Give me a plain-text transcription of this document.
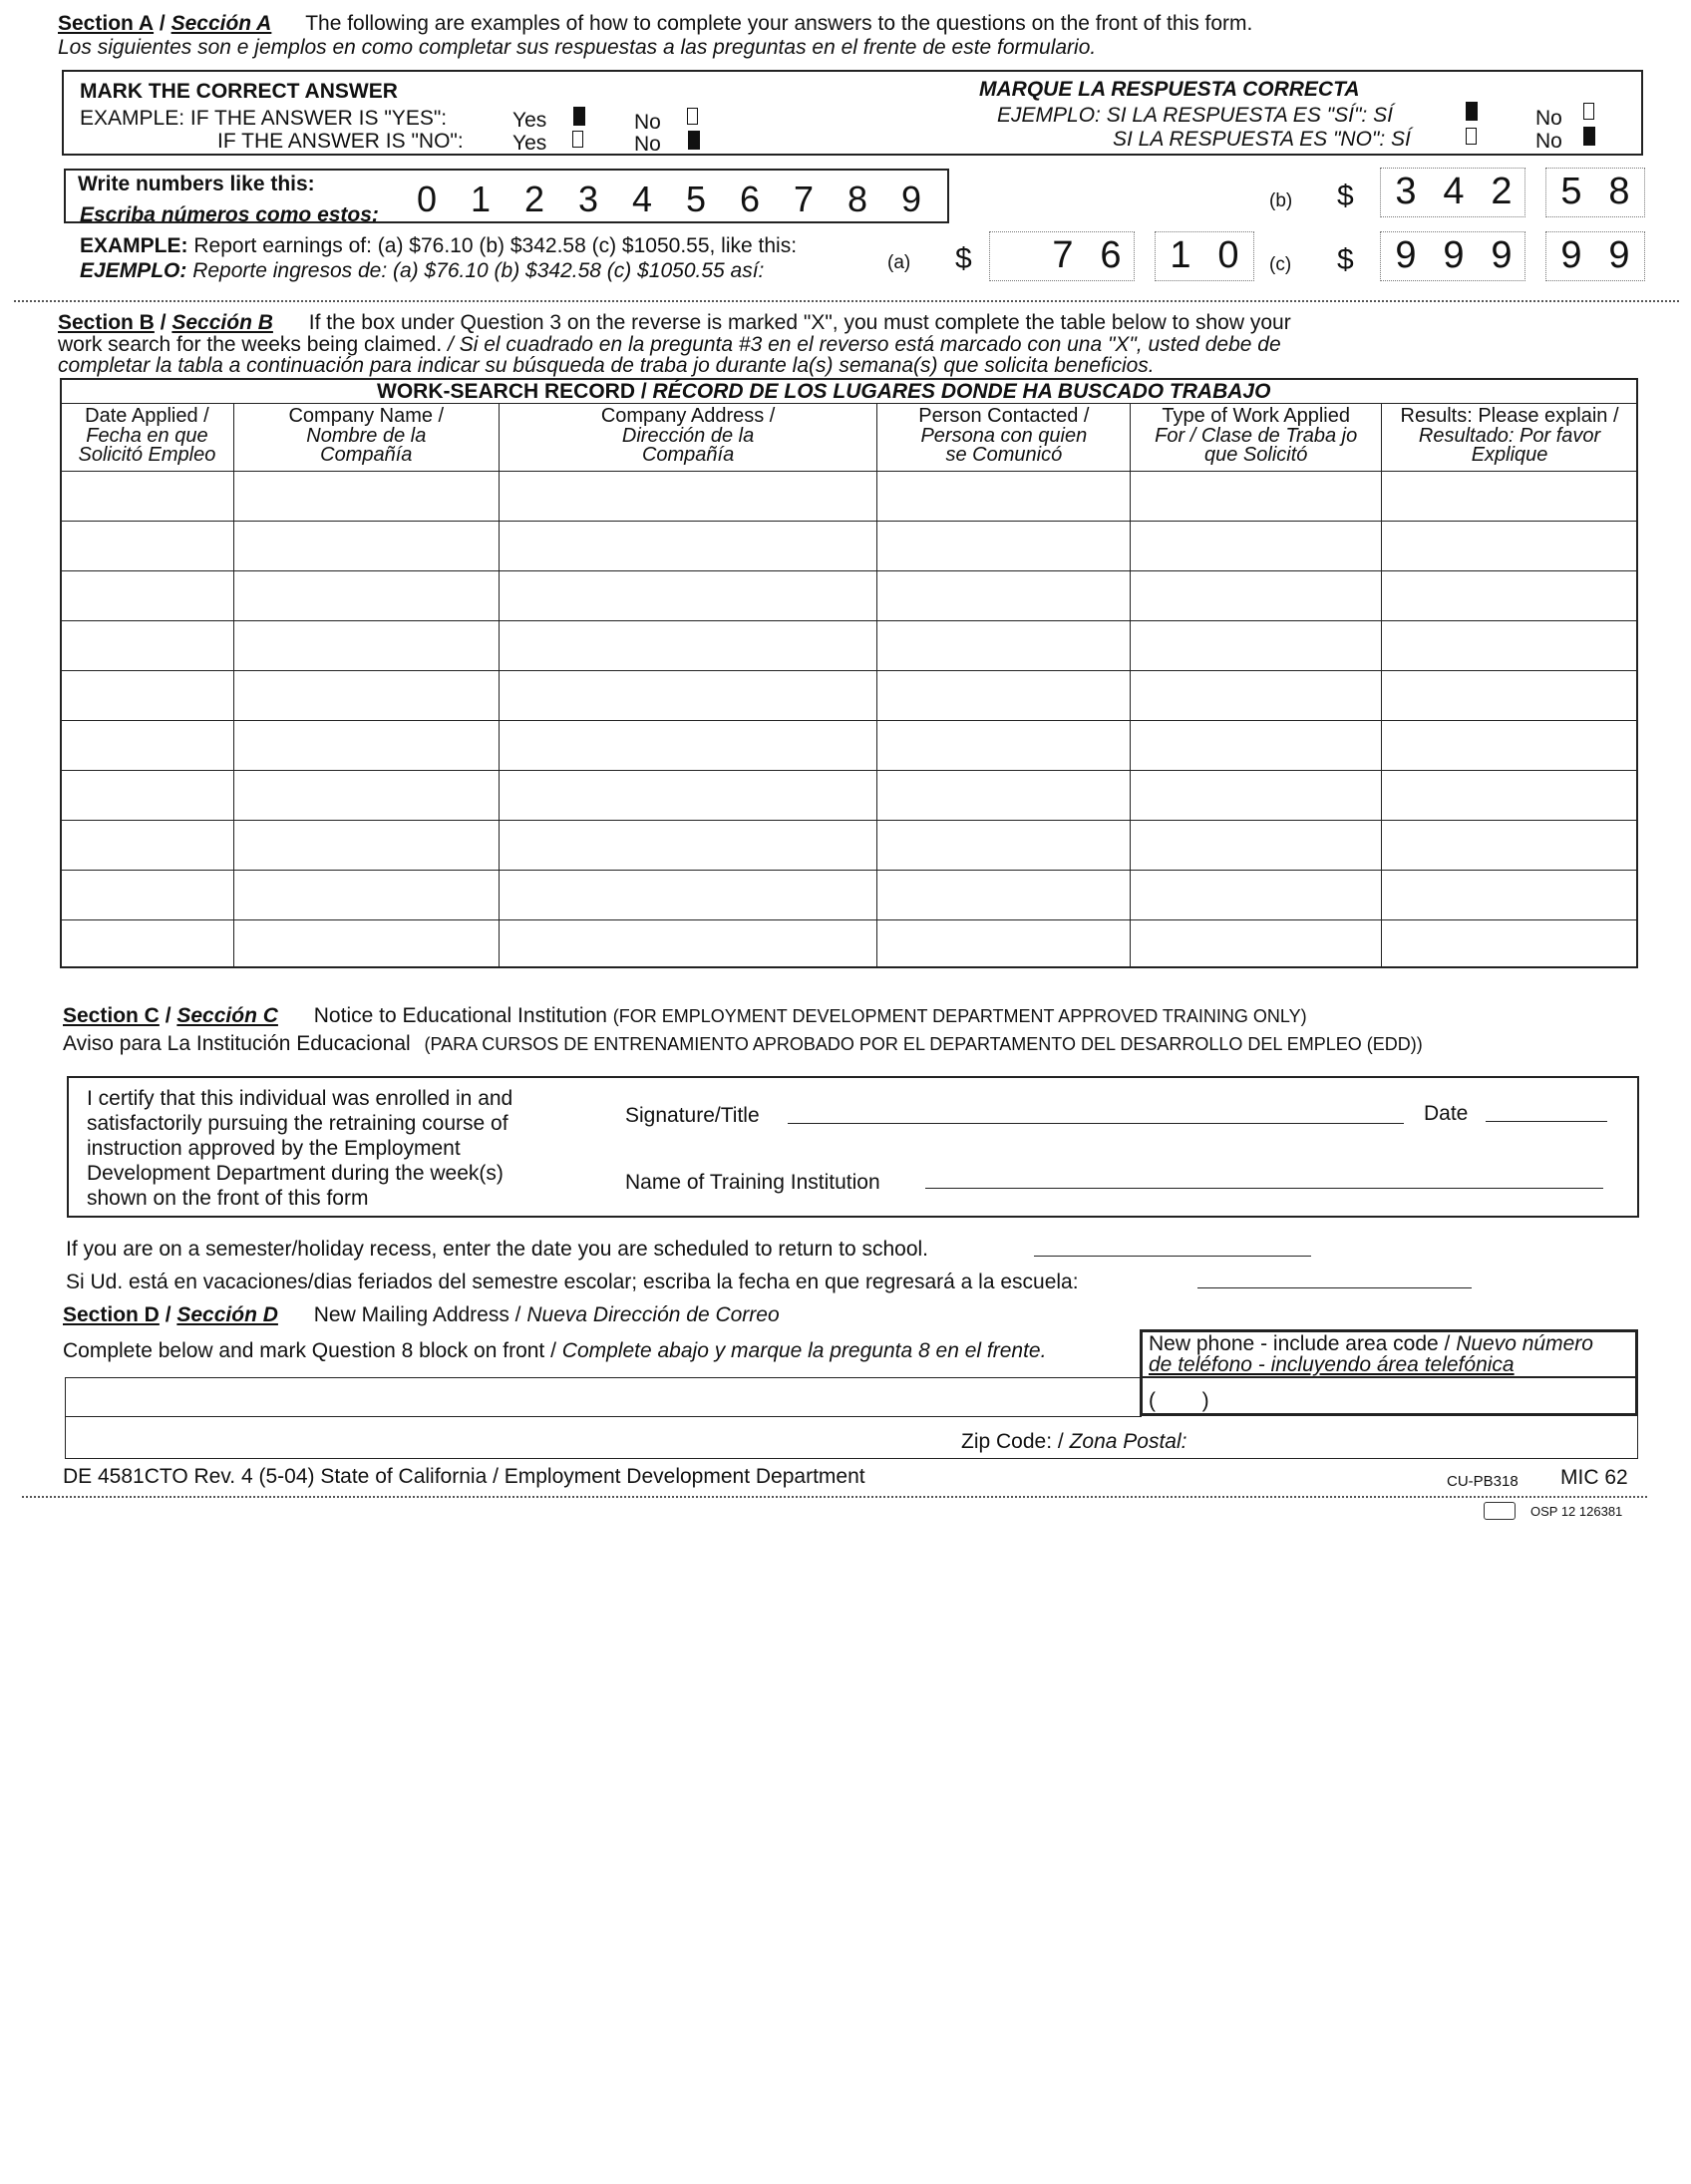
Section A / Sección A The following are examples of how to complete your answers to the questions on the front of this form.
Los siguientes son e jemplos en como completar sus respuestas a las preguntas en el frente de este formulario.
MARK THE CORRECT ANSWER
EXAMPLE: IF THE ANSWER IS "YES":
IF THE ANSWER IS "NO":
Yes	No
Yes	No
MARQUE LA RESPUESTA CORRECTA
EJEMPLO: SI LA RESPUESTA ES "SÍ": SÍ	No
SI LA RESPUESTA ES "NO": SÍ	No
Write numbers like this:
Escriba números como estos: 0 1 2 3 4 5 6 7 8 9
EXAMPLE: Report earnings of: (a) $76.10 (b) $342.58 (c) $1050.55, like this:
EJEMPLO: Reporte ingresos de: (a) $76.10 (b) $342.58 (c) $1050.55 así:
(b) $ 3 4 2 5 8
(a) $ 7 6 1 0	(c) $ 9 9 9 9 9
Section B / Sección B If the box under Question 3 on the reverse is marked "X", you must complete the table below to show your
work search for the weeks being claimed. / Si el cuadrado en la pregunta #3 en el reverso está marcado con una "X", usted debe de
completar la tabla a continuación para indicar su búsqueda de traba jo durante la(s) semana(s) que solicita beneficios.
WORK-SEARCH RECORD / RÉCORD DE LOS LUGARES DONDE HA BUSCADO TRABAJO
Date Applied /
Fecha en que
Solicitó Empleo	Company Name /
Nombre de la
Compañía	Company Address /
Dirección de la
Compañía	Person Contacted /
Persona con quien
se Comunicó	Type of Work Applied
For / Clase de Traba jo
que Solicitó	Results: Please explain /
Resultado: Por favor
Explique

Section C / Sección C Notice to Educational Institution (FOR EMPLOYMENT DEVELOPMENT DEPARTMENT APPROVED TRAINING ONLY)
Aviso para La Institución Educacional (PARA CURSOS DE ENTRENAMIENTO APROBADO POR EL DEPARTAMENTO DEL DESARROLLO DEL EMPLEO (EDD))
I certify that this individual was enrolled in and
satisfactorily pursuing the retraining course of
instruction approved by the Employment
Development Department during the week(s)
shown on the front of this form
Signature/Title	Date
Name of Training Institution
If you are on a semester/holiday recess, enter the date you are scheduled to return to school.
Si Ud. está en vacaciones/dias feriados del semestre escolar; escriba la fecha en que regresará a la escuela:
Section D / Sección D New Mailing Address / Nueva Dirección de Correo
Complete below and mark Question 8 block on front / Complete abajo y marque la pregunta 8 en el frente.	New phone - include area code / Nuevo número
de teléfono - incluyendo área telefónica
(        )
Zip Code: / Zona Postal:
DE 4581CTO Rev. 4 (5-04) State of California / Employment Development Department	CU-PB318 MIC 62
OSP 12 126381
